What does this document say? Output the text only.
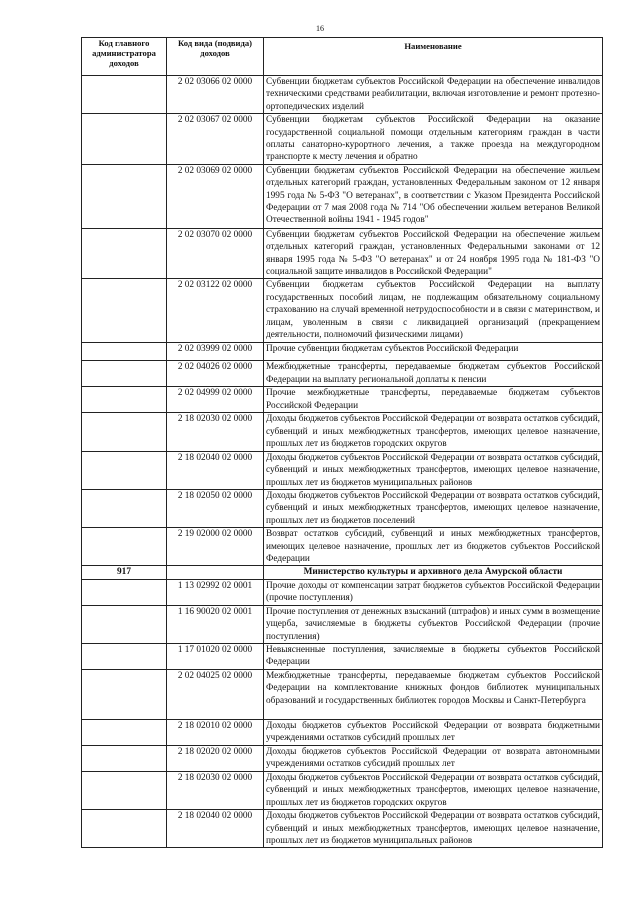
16
Код главного администратора доходов	Код вида (подвида) доходов	Наименование
	2 02 03066 02 0000	Субвенции бюджетам субъектов Российской Федерации на обеспечение инвалидов техническими средствами реабилитации, включая изготовление и ремонт протезно-ортопедических изделий
	2 02 03067 02 0000	Субвенции бюджетам субъектов Российской Федерации на оказание государственной социальной помощи отдельным категориям граждан в части оплаты санаторно-курортного лечения, а также проезда на междугородном транспорте к месту лечения и обратно
	2 02 03069 02 0000	Субвенции бюджетам субъектов Российской Федерации на обеспечение жильем отдельных категорий граждан, установленных Федеральным законом от 12 января 1995 года № 5-ФЗ "О ветеранах", в соответствии с Указом Президента Российской Федерации от 7 мая 2008 года № 714 "Об обеспечении жильем ветеранов Великой Отечественной войны 1941 - 1945 годов"
	2 02 03070 02 0000	Субвенции бюджетам субъектов Российской Федерации на обеспечение жильем отдельных категорий граждан, установленных Федеральными законами от 12 января 1995 года № 5-ФЗ "О ветеранах" и от 24 ноября 1995 года № 181-ФЗ "О социальной защите инвалидов в Российской Федерации"
	2 02 03122 02 0000	Субвенции бюджетам субъектов Российской Федерации на выплату государственных пособий лицам, не подлежащим обязательному социальному страхованию на случай временной нетрудоспособности и в связи с материнством, и лицам, уволенным в связи с ликвидацией организаций (прекращением деятельности, полномочий физическими лицами)
	2 02 03999 02 0000	Прочие субвенции бюджетам субъектов Российской Федерации
	2 02 04026 02 0000	Межбюджетные трансферты, передаваемые бюджетам субъектов Российской Федерации на выплату региональной доплаты к пенсии
	2 02 04999 02 0000	Прочие межбюджетные трансферты, передаваемые бюджетам субъектов Российской Федерации
	2 18 02030 02 0000	Доходы бюджетов субъектов Российской Федерации от возврата остатков субсидий, субвенций и иных межбюджетных трансфертов, имеющих целевое назначение, прошлых лет из бюджетов городских округов
	2 18 02040 02 0000	Доходы бюджетов субъектов Российской Федерации от возврата остатков субсидий, субвенций и иных межбюджетных трансфертов, имеющих целевое назначение, прошлых лет из бюджетов муниципальных районов
	2 18 02050 02 0000	Доходы бюджетов субъектов Российской Федерации от возврата остатков субсидий, субвенций и иных межбюджетных трансфертов, имеющих целевое назначение, прошлых лет из бюджетов поселений
	2 19 02000 02 0000	Возврат остатков субсидий, субвенций и иных межбюджетных трансфертов, имеющих целевое назначение, прошлых лет из бюджетов субъектов Российской Федерации
917		Министерство культуры и архивного дела Амурской области
	1 13 02992 02 0001	Прочие доходы от компенсации затрат бюджетов субъектов Российской Федерации (прочие поступления)
	1 16 90020 02 0001	Прочие поступления от денежных взысканий (штрафов) и иных сумм в возмещение ущерба, зачисляемые в бюджеты субъектов Российской Федерации (прочие поступления)
	1 17 01020 02 0000	Невыясненные поступления, зачисляемые в бюджеты субъектов Российской Федерации
	2 02 04025 02 0000	Межбюджетные трансферты, передаваемые бюджетам субъектов Российской Федерации на комплектование книжных фондов библиотек муниципальных образований и государственных библиотек городов Москвы и Санкт-Петербурга
	2 18 02010 02 0000	Доходы бюджетов субъектов Российской Федерации от возврата бюджетными учреждениями остатков субсидий прошлых лет
	2 18 02020 02 0000	Доходы бюджетов субъектов Российской Федерации от возврата автономными учреждениями остатков субсидий прошлых лет
	2 18 02030 02 0000	Доходы бюджетов субъектов Российской Федерации от возврата остатков субсидий, субвенций и иных межбюджетных трансфертов, имеющих целевое назначение, прошлых лет из бюджетов городских округов
	2 18 02040 02 0000	Доходы бюджетов субъектов Российской Федерации от возврата остатков субсидий, субвенций и иных межбюджетных трансфертов, имеющих целевое назначение, прошлых лет из бюджетов муниципальных районов
